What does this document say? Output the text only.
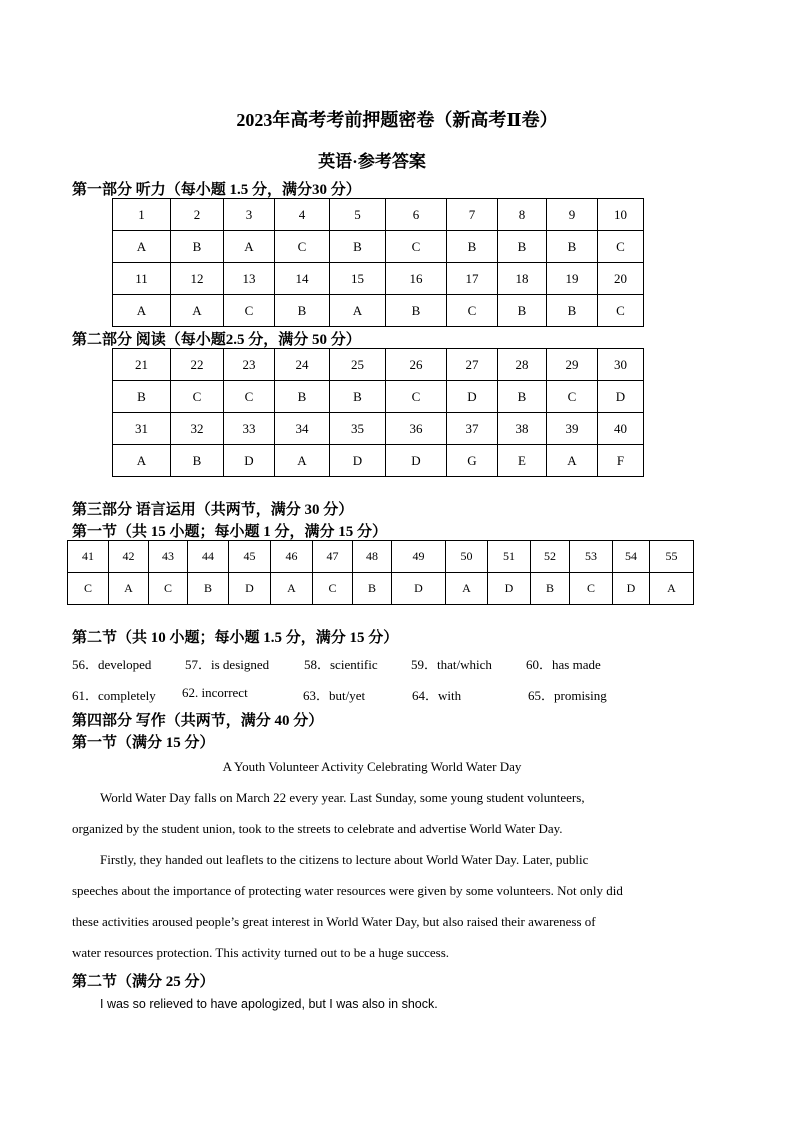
2023年高考考前押题密卷（新高考Ⅱ卷）
英语·参考答案
第一部分 听力（每小题 1.5 分，满分30 分）
1	2	3	4	5	6	7	8	9	10
A	B	A	C	B	C	B	B	B	C
11	12	13	14	15	16	17	18	19	20
A	A	C	B	A	B	C	B	B	C
第二部分 阅读（每小题2.5 分，满分 50 分）
21	22	23	24	25	26	27	28	29	30
B	C	C	B	B	C	D	B	C	D
31	32	33	34	35	36	37	38	39	40
A	B	D	A	D	D	G	E	A	F
第三部分 语言运用（共两节，满分 30 分）
第一节（共 15 小题；每小题 1 分，满分 15 分）
41	42	43	44	45	46	47	48	49	50	51	52	53	54	55
C	A	C	B	D	A	C	B	D	A	D	B	C	D	A
第二节（共 10 小题；每小题 1.5 分，满分 15 分）
56．developed	57．is designed	58．scientific	59．that/which	60．has made
61．completely	62. incorrect	63．but/yet	64．with	65．promising
第四部分 写作（共两节，满分 40 分）
第一节（满分 15 分）
A Youth Volunteer Activity Celebrating World Water Day
World Water Day falls on March 22 every year. Last Sunday, some young student volunteers,
organized by the student union, took to the streets to celebrate and advertise World Water Day.
Firstly, they handed out leaflets to the citizens to lecture about World Water Day. Later, public
speeches about the importance of protecting water resources were given by some volunteers. Not only did
these activities aroused people’s great interest in World Water Day, but also raised their awareness of
water resources protection. This activity turned out to be a huge success.
第二节（满分 25 分）
I was so relieved to have apologized, but I was also in shock.
